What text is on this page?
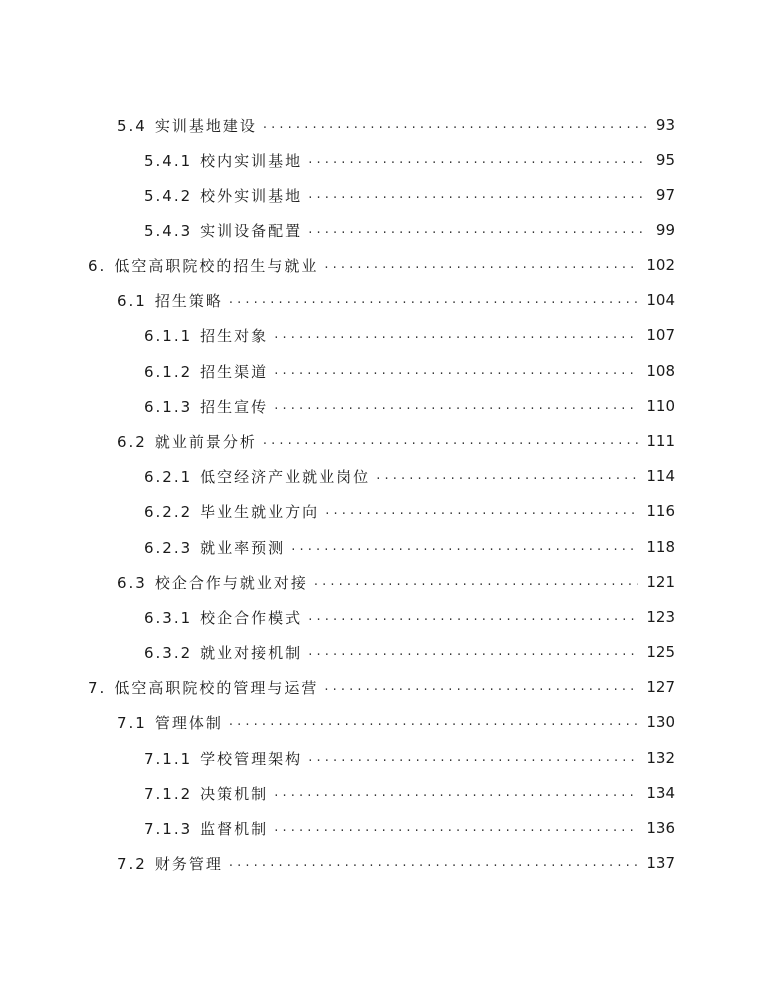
5.4 实训基地建设 . . .	93
5.4.1 校内实训基地 . . .	95
5.4.2 校外实训基地 . . .	97
5.4.3 实训设备配置 . . .	99
6. 低空高职院校的招生与就业 . . .	102
6.1 招生策略 . . .	104
6.1.1 招生对象 . . .	107
6.1.2 招生渠道 . . .	108
6.1.3 招生宣传 . . .	110
6.2 就业前景分析 . . .	111
6.2.1 低空经济产业就业岗位 . . .	114
6.2.2 毕业生就业方向 . . .	116
6.2.3 就业率预测 . . .	118
6.3 校企合作与就业对接 . . .	121
6.3.1 校企合作模式 . . .	123
6.3.2 就业对接机制 . . .	125
7. 低空高职院校的管理与运营 . . .	127
7.1 管理体制 . . .	130
7.1.1 学校管理架构 . . .	132
7.1.2 决策机制 . . .	134
7.1.3 监督机制 . . .	136
7.2 财务管理 . . .	137
